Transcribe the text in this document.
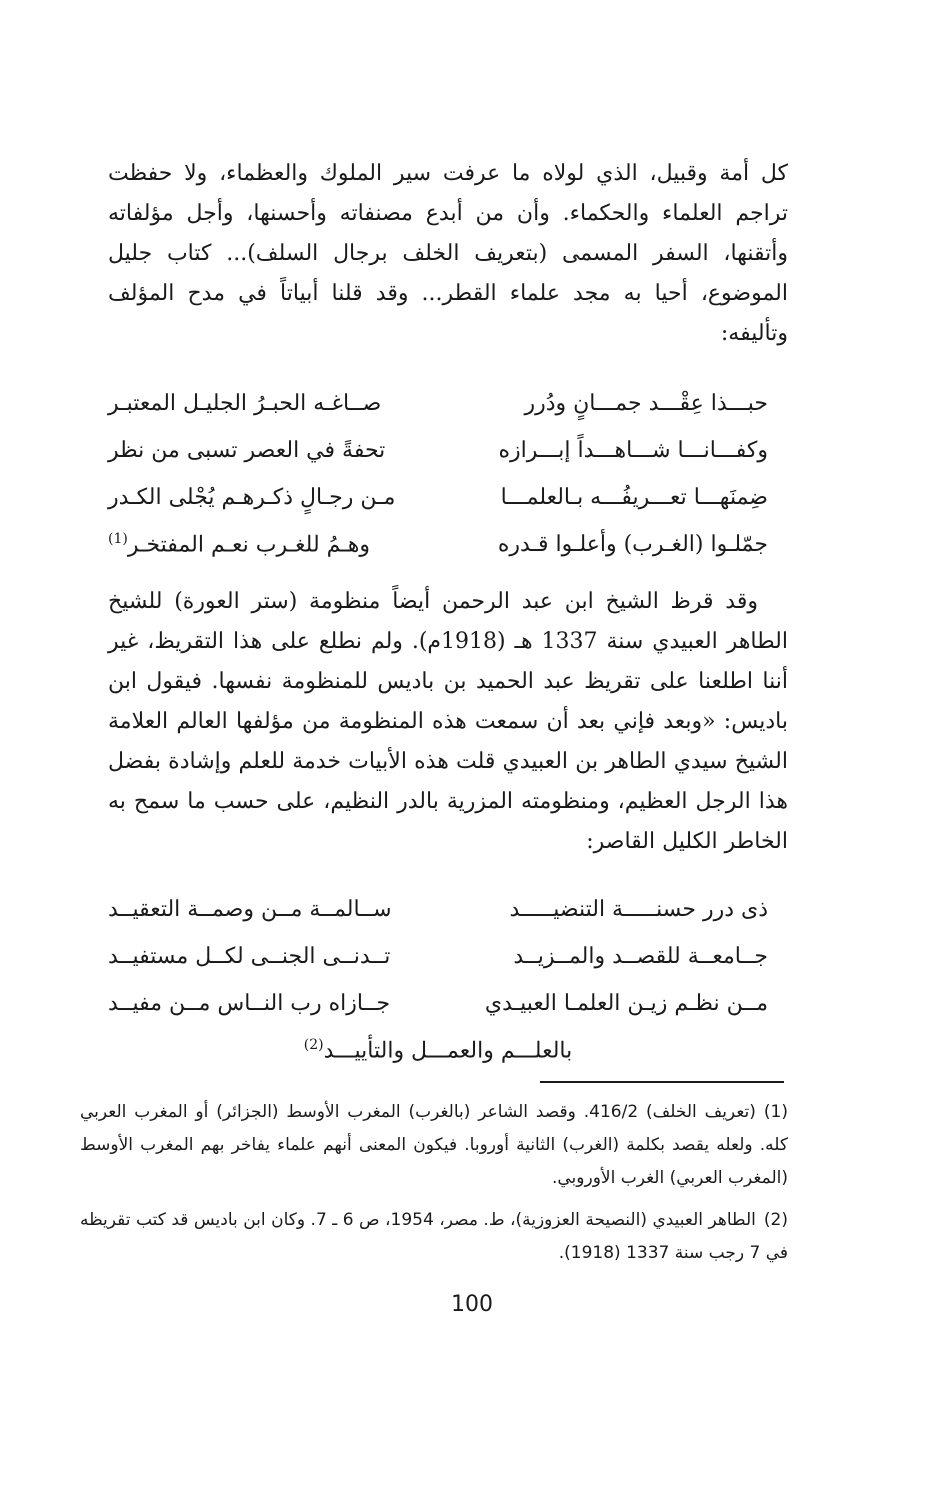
كل أمة وقبيل، الذي لولاه ما عرفت سير الملوك والعظماء، ولا حفظت تراجم العلماء والحكماء. وأن من أبدع مصنفاته وأحسنها، وأجل مؤلفاته وأتقنها، السفر المسمى (بتعريف الخلف برجال السلف)... كتاب جليل الموضوع، أحيا به مجد علماء القطر... وقد قلنا أبياتاً في مدح المؤلف وتأليفه:

حبـــذا عِقْـــد جمـــانٍ ودُرر
صــاغـه الحبـرُ الجليـل المعتبـر
وكفـــانـــا شـــاهـــداً إبـــرازه
تحفةً في العصر تسبى من نظر
ضِمنَهـــا تعـــريفُـــه بـالعلمـــا
مـن رجـالٍ ذكـرهـم يُجْلى الكـدر
جمّلـوا (الغـرب) وأعلـوا قـدره
وهـمُ للغـرب نعـم المفتخـر$^{(1)}$

وقد قرظ الشيخ ابن عبد الرحمن أيضاً منظومة (ستر العورة) للشيخ الطاهر العبيدي سنة 1337 هـ (1918م). ولم نطلع على هذا التقريظ، غير أننا اطلعنا على تقريظ عبد الحميد بن باديس للمنظومة نفسها. فيقول ابن باديس: «وبعد فإني بعد أن سمعت هذه المنظومة من مؤلفها العالم العلامة الشيخ سيدي الطاهر بن العبيدي قلت هذه الأبيات خدمة للعلم وإشادة بفضل هذا الرجل العظيم، ومنظومته المزرية بالدر النظيم، على حسب ما سمح به الخاطر الكليل القاصر:

ذى درر حسنـــــة التنضيـــــد
ســالمــة مــن وصمــة التعقيــد
جــامعــة للقصــد والمــزيــد
تــدنــى الجنــى لكــل مستفيــد
مــن نظـم زيـن العلمـا العبيـدي
جــازاه رب النــاس مــن مفيــد
بالعلـــم والعمـــل والتأييـــد$^{(2)}$

(1)(تعريف الخلف) 416/2. وقصد الشاعر (بالغرب) المغرب الأوسط (الجزائر) أو المغرب العربي كله. ولعله يقصد بكلمة (الغرب) الثانية أوروبا. فيكون المعنى أنهم علماء يفاخر بهم المغرب الأوسط (المغرب العربي) الغرب الأوروبي.

(2)الطاهر العبيدي (النصيحة العزوزية)، ط. مصر، 1954، ص 6 ـ 7. وكان ابن باديس قد كتب تقريظه في 7 رجب سنة 1337 (1918).

100
